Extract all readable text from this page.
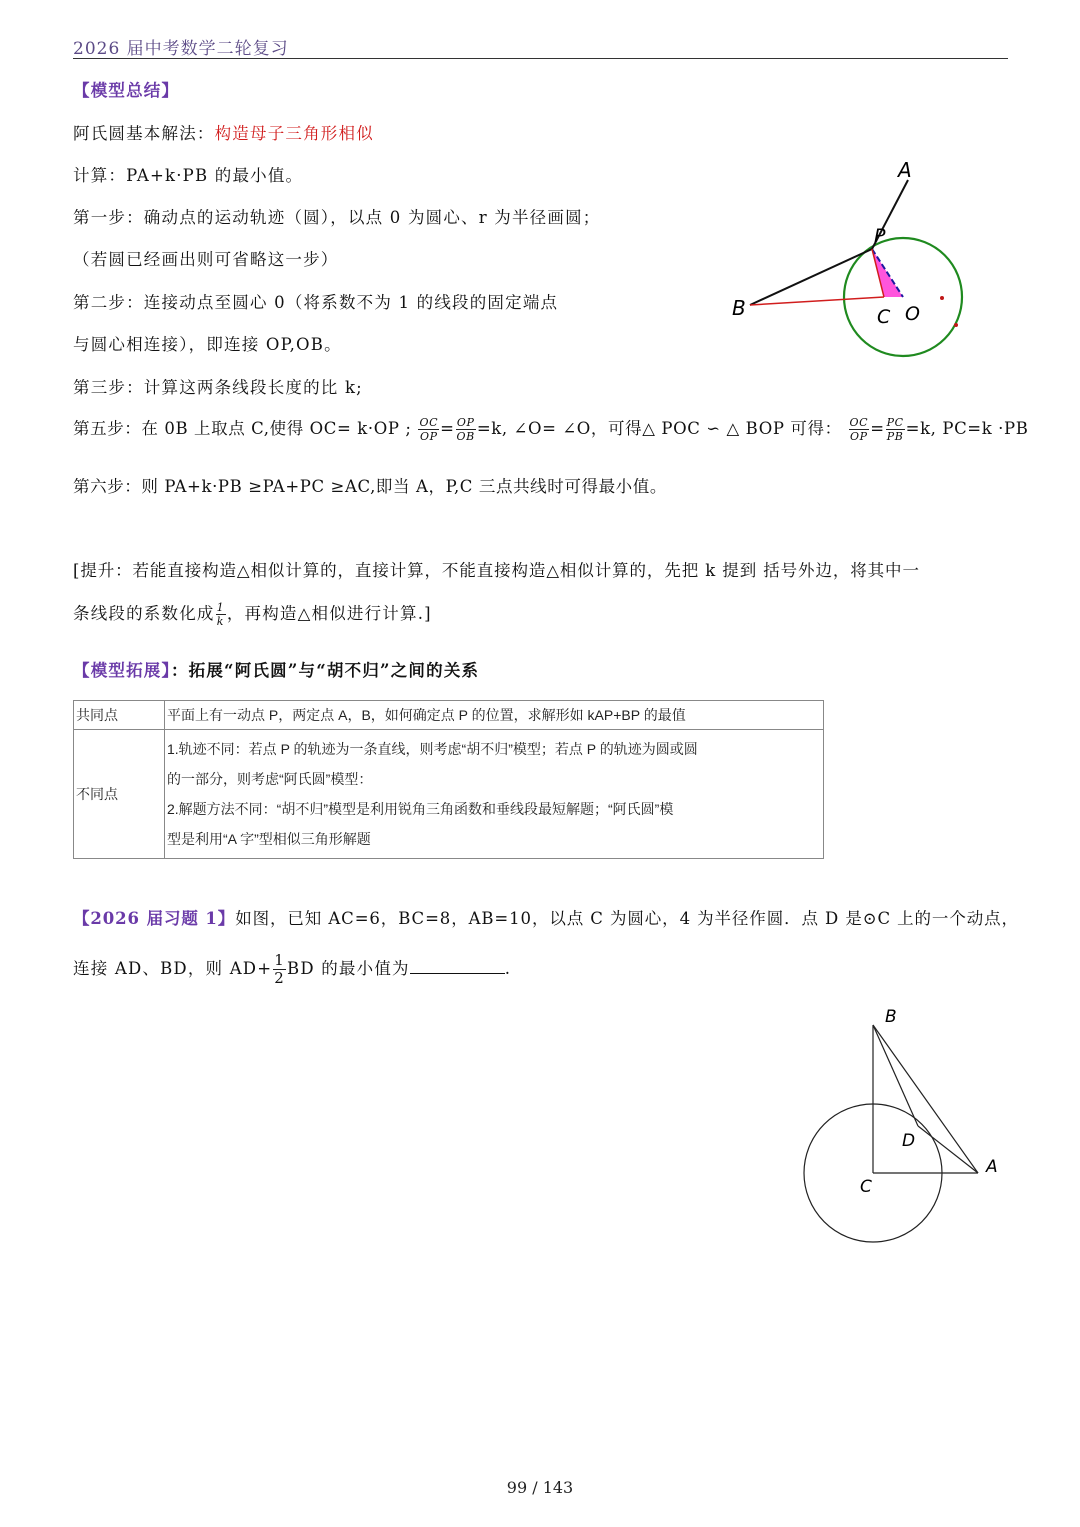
2026 届中考数学二轮复习
【模型总结】
阿氏圆基本解法：构造母子三角形相似
计算：PA+k·PB 的最小值。
第一步：确动点的运动轨迹（圆），以点 0 为圆心、r 为半径画圆；
（若圆已经画出则可省略这一步）
第二步：连接动点至圆心 0（将系数不为 1 的线段的固定端点
与圆心相连接），即连接 OP,OB。
第三步：计算这两条线段长度的比 k;
第五步：在 0B 上取点 C,使得 OC= k·OP ; $\frac{OC}{OP} = \frac{OP}{OB} =k$, ∠O= ∠O，可得△ POC ∽ △ BOP 可得： $\frac{OC}{OP} = \frac{PC}{PB} =k$, PC=k ·PB
第六步：则 PA+k·PB ≥PA+PC ≥AC,即当 A，P,C 三点共线时可得最小值。
[提升：若能直接构造△相似计算的，直接计算，不能直接构造△相似计算的，先把 k 提到 括号外边，将其中一
条线段的系数化成 $\frac{1}{k}$ ，再构造△相似进行计算.]
【模型拓展】：拓展“阿氏圆”与“胡不归”之间的关系
共同点	平面上有一动点 P，两定点 A，B，如何确定点 P 的位置，求解形如 kAP+BP 的最值
不同点	1.轨迹不同：若点 P 的轨迹为一条直线，则考虑“胡不归”模型；若点 P 的轨迹为圆或圆
的一部分，则考虑“阿氏圆”模型：
2.解题方法不同：“胡不归”模型是利用锐角三角函数和垂线段最短解题；“阿氏圆”模
型是利用“A 字”型相似三角形解题
【2026 届习题 1】如图，已知 AC=6，BC=8，AB=10，以点 C 为圆心，4 为半径作圆．点 D 是⊙C 上的一个动点，
连接 AD、BD，则 $AD+ \frac{1}{2}$ BD 的最小值为	.
A
P
B	C O
B
D
A
C
99 / 143
